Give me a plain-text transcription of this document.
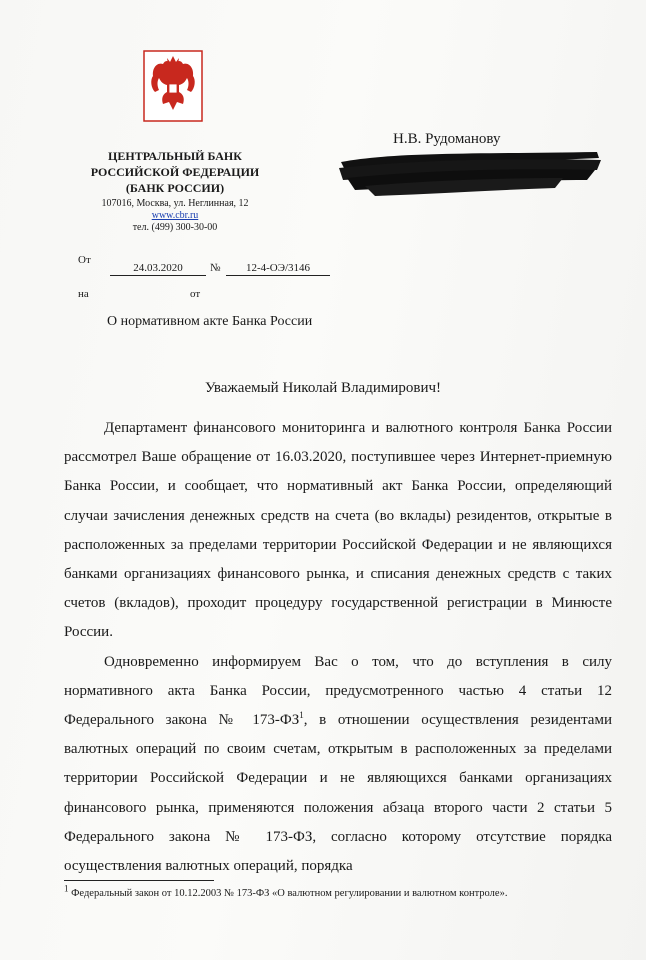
ЦЕНТРАЛЬНЫЙ БАНК
РОССИЙСКОЙ ФЕДЕРАЦИИ
(БАНК РОССИИ)
107016, Москва, ул. Неглинная, 12
www.cbr.ru
тел. (499) 300-30-00
Н.В. Рудоманову
От
24.03.2020	№	12-4-ОЭ/3146
на	от
О нормативном акте Банка России
Уважаемый Николай Владимирович!

Департамент финансового мониторинга и валютного контроля Банка России рассмотрел Ваше обращение от 16.03.2020, поступившее через Интернет-приемную Банка России, и сообщает, что нормативный акт Банка России, определяющий случаи зачисления денежных средств на счета (во вклады) резидентов, открытые в расположенных за пределами территории Российской Федерации и не являющихся банками организациях финансового рынка, и списания денежных средств с таких счетов (вкладов), проходит процедуру государственной регистрации в Минюсте России.

Одновременно информируем Вас о том, что до вступления в силу нормативного акта Банка России, предусмотренного частью 4 статьи 12 Федерального закона № $173-ФЗ^1$, в отношении осуществления резидентами валютных операций по своим счетам, открытым в расположенных за пределами территории Российской Федерации и не являющихся банками организациях финансового рынка, применяются положения абзаца второго части 2 статьи 5 Федерального закона № 173-ФЗ, согласно которому отсутствие порядка осуществления валютных операций, порядка

$^1$ Федеральный закон от 10.12.2003 № 173-ФЗ «О валютном регулировании и валютном контроле».
